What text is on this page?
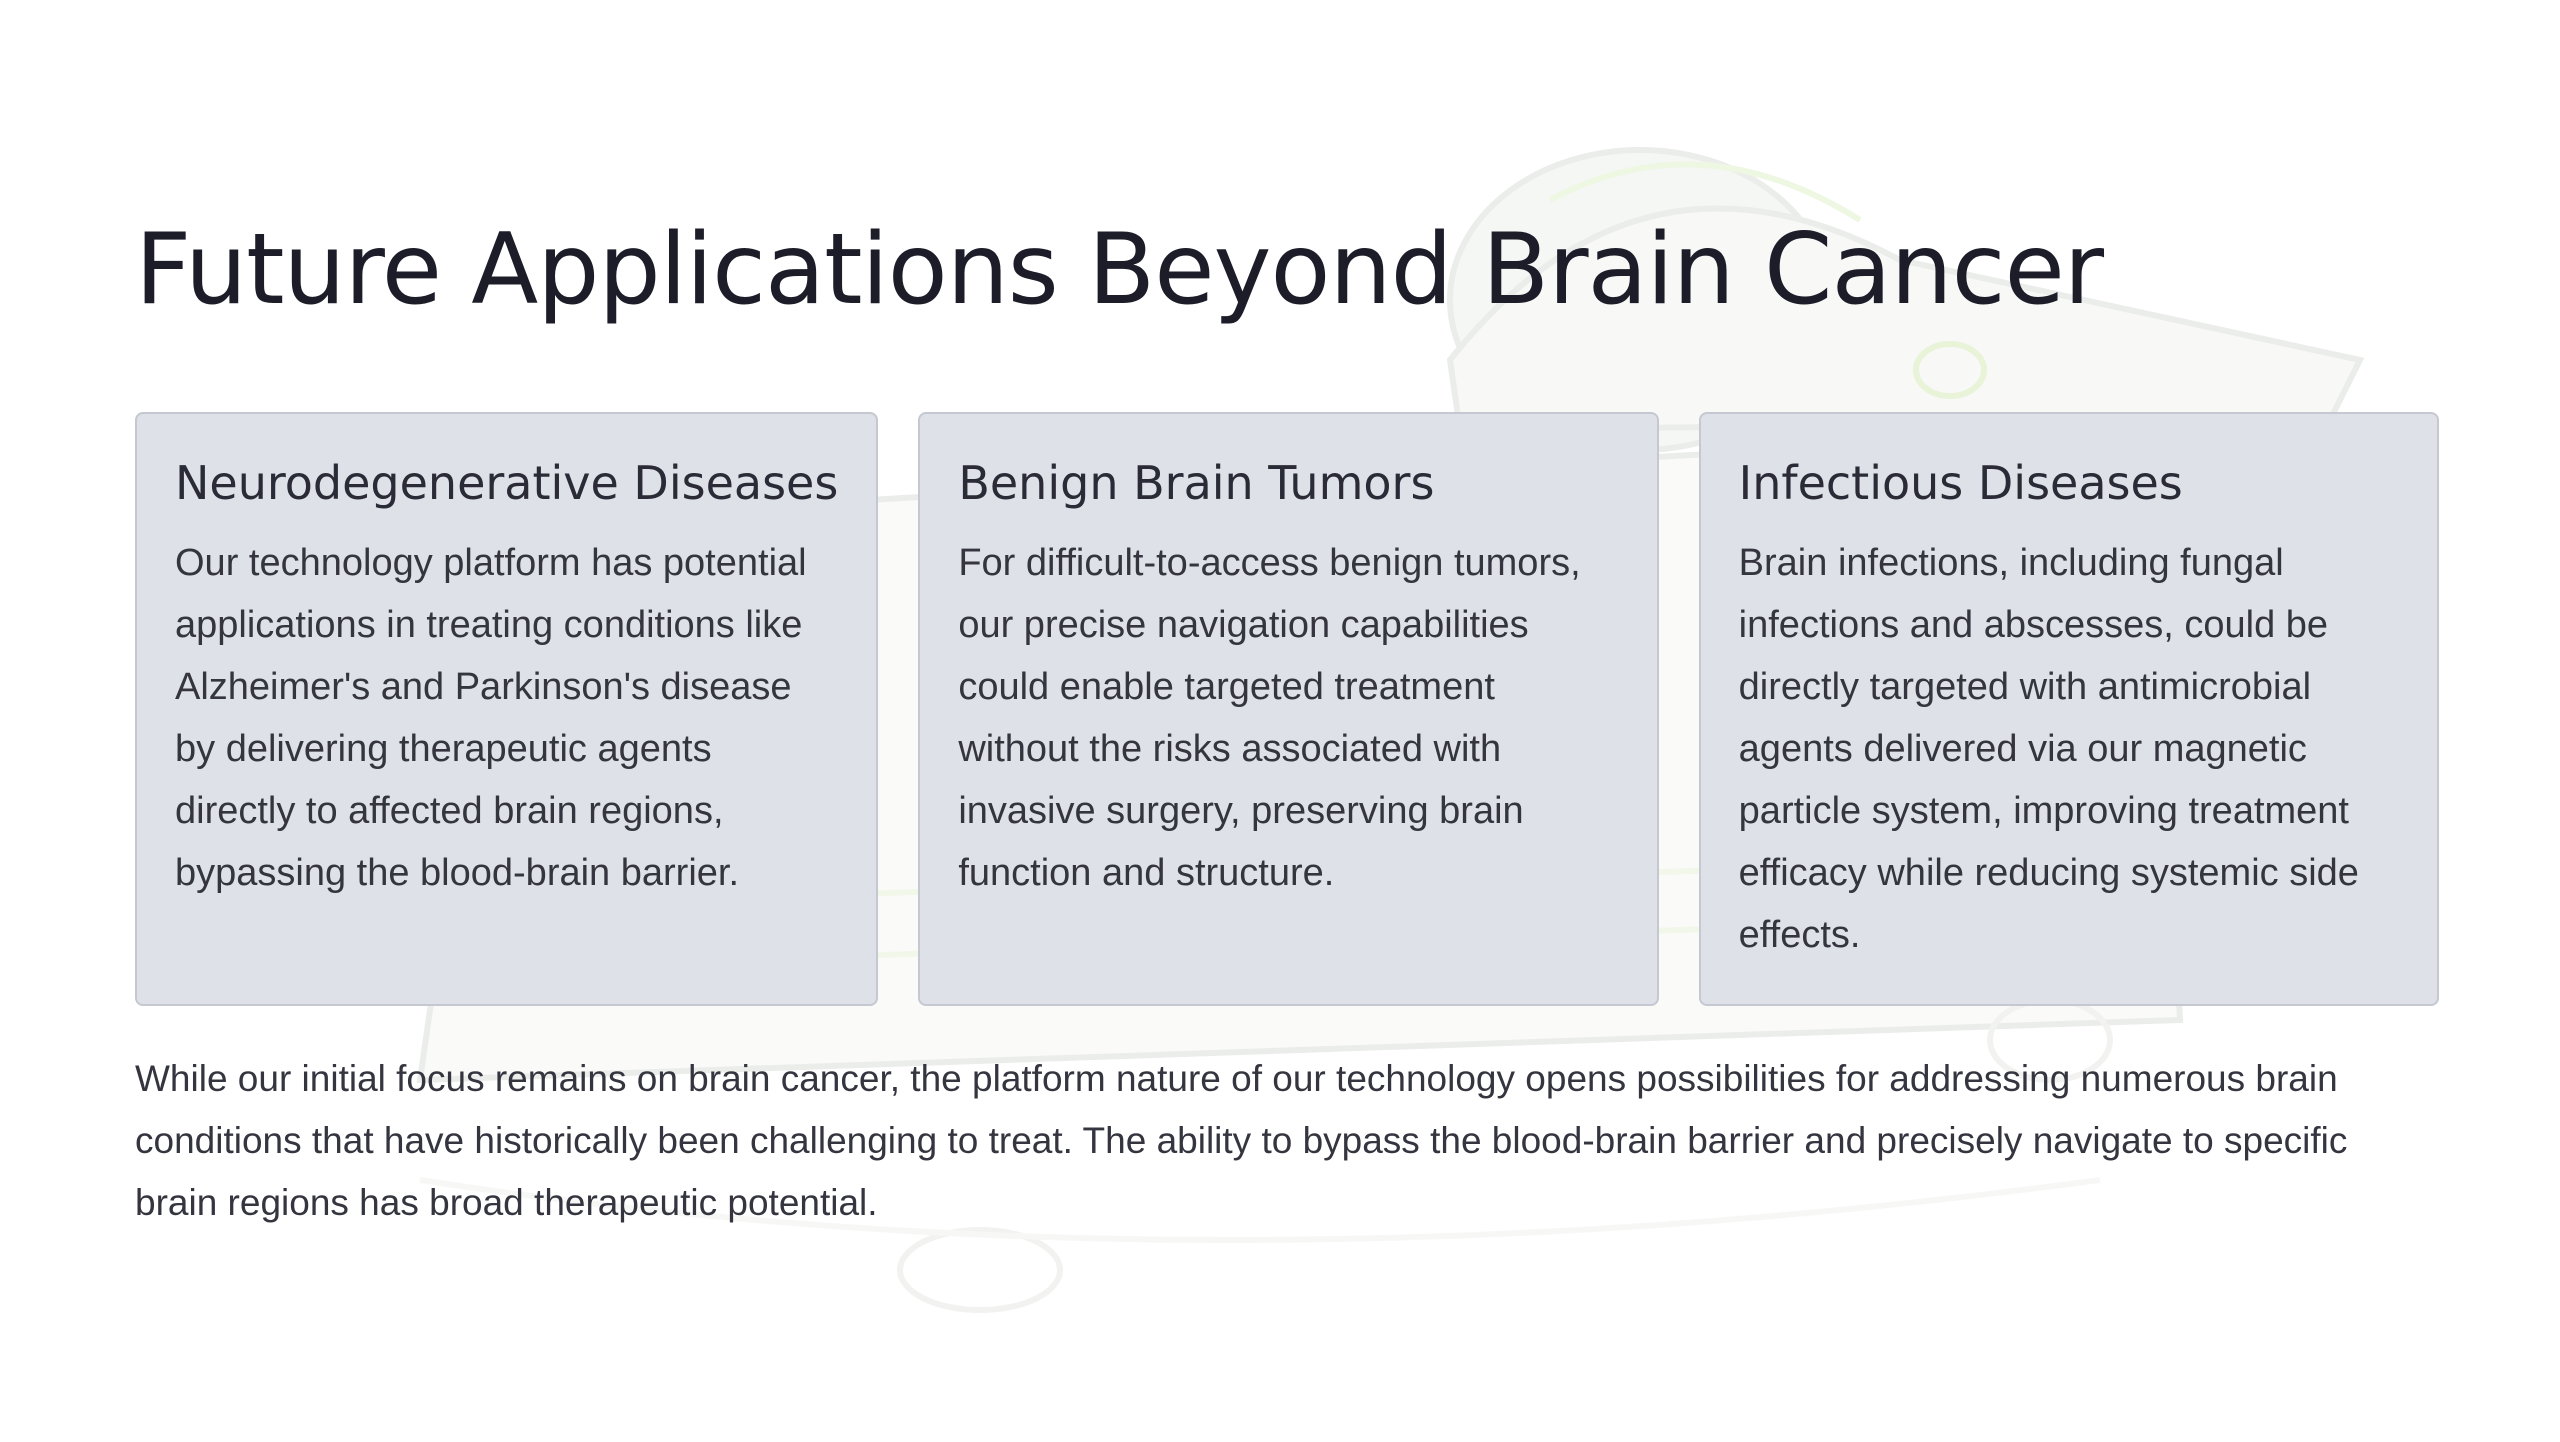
Future Applications Beyond Brain Cancer
Neurodegenerative Diseases

Our technology platform has potential applications in treating conditions like Alzheimer's and Parkinson's disease by delivering therapeutic agents directly to affected brain regions, bypassing the blood-brain barrier.

Benign Brain Tumors

For difficult-to-access benign tumors, our precise navigation capabilities could enable targeted treatment without the risks associated with invasive surgery, preserving brain function and structure.

Infectious Diseases

Brain infections, including fungal infections and abscesses, could be directly targeted with antimicrobial agents delivered via our magnetic particle system, improving treatment efficacy while reducing systemic side effects.

While our initial focus remains on brain cancer, the platform nature of our technology opens possibilities for addressing numerous brain conditions that have historically been challenging to treat. The ability to bypass the blood-brain barrier and precisely navigate to specific brain regions has broad therapeutic potential.
